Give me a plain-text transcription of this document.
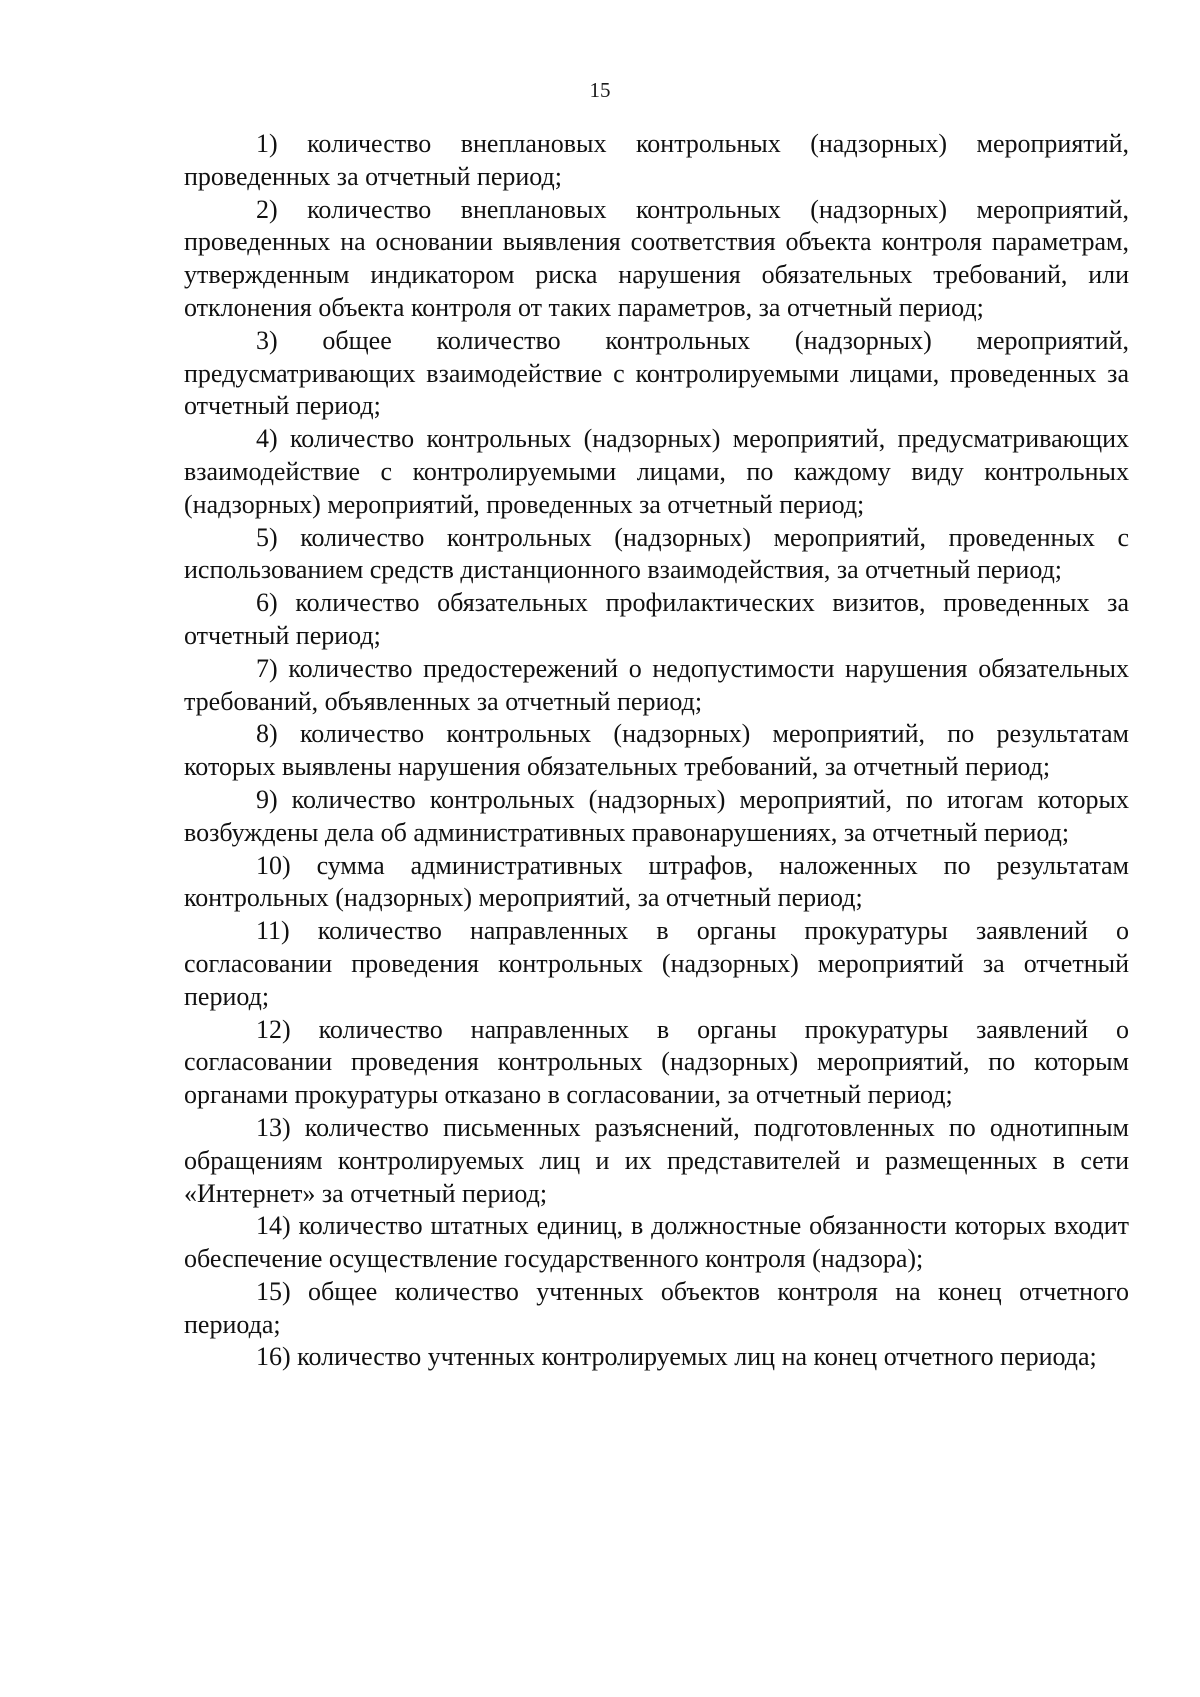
15

1) количество внеплановых контрольных (надзорных) мероприятий, проведенных за отчетный период;

2) количество внеплановых контрольных (надзорных) мероприятий, проведенных на основании выявления соответствия объекта контроля параметрам, утвержденным индикатором риска нарушения обязательных требований, или отклонения объекта контроля от таких параметров, за отчетный период;

3) общее количество контрольных (надзорных) мероприятий, предусматривающих взаимодействие с контролируемыми лицами, проведенных за отчетный период;

4) количество контрольных (надзорных) мероприятий, предусматривающих взаимодействие с контролируемыми лицами, по каждому виду контрольных (надзорных) мероприятий, проведенных за отчетный период;

5) количество контрольных (надзорных) мероприятий, проведенных с использованием средств дистанционного взаимодействия, за отчетный период;

6) количество обязательных профилактических визитов, проведенных за отчетный период;

7) количество предостережений о недопустимости нарушения обязательных требований, объявленных за отчетный период;

8) количество контрольных (надзорных) мероприятий, по результатам которых выявлены нарушения обязательных требований, за отчетный период;

9) количество контрольных (надзорных) мероприятий, по итогам которых возбуждены дела об административных правонарушениях, за отчетный период;

10) сумма административных штрафов, наложенных по результатам контрольных (надзорных) мероприятий, за отчетный период;

11) количество направленных в органы прокуратуры заявлений о согласовании проведения контрольных (надзорных) мероприятий за отчетный период;

12) количество направленных в органы прокуратуры заявлений о согласовании проведения контрольных (надзорных) мероприятий, по которым органами прокуратуры отказано в согласовании, за отчетный период;

13) количество письменных разъяснений, подготовленных по однотипным обращениям контролируемых лиц и их представителей и размещенных в сети «Интернет» за отчетный период;

14) количество штатных единиц, в должностные обязанности которых входит обеспечение осуществление государственного контроля (надзора);

15) общее количество учтенных объектов контроля на конец отчетного периода;

16) количество учтенных контролируемых лиц на конец отчетного периода;
